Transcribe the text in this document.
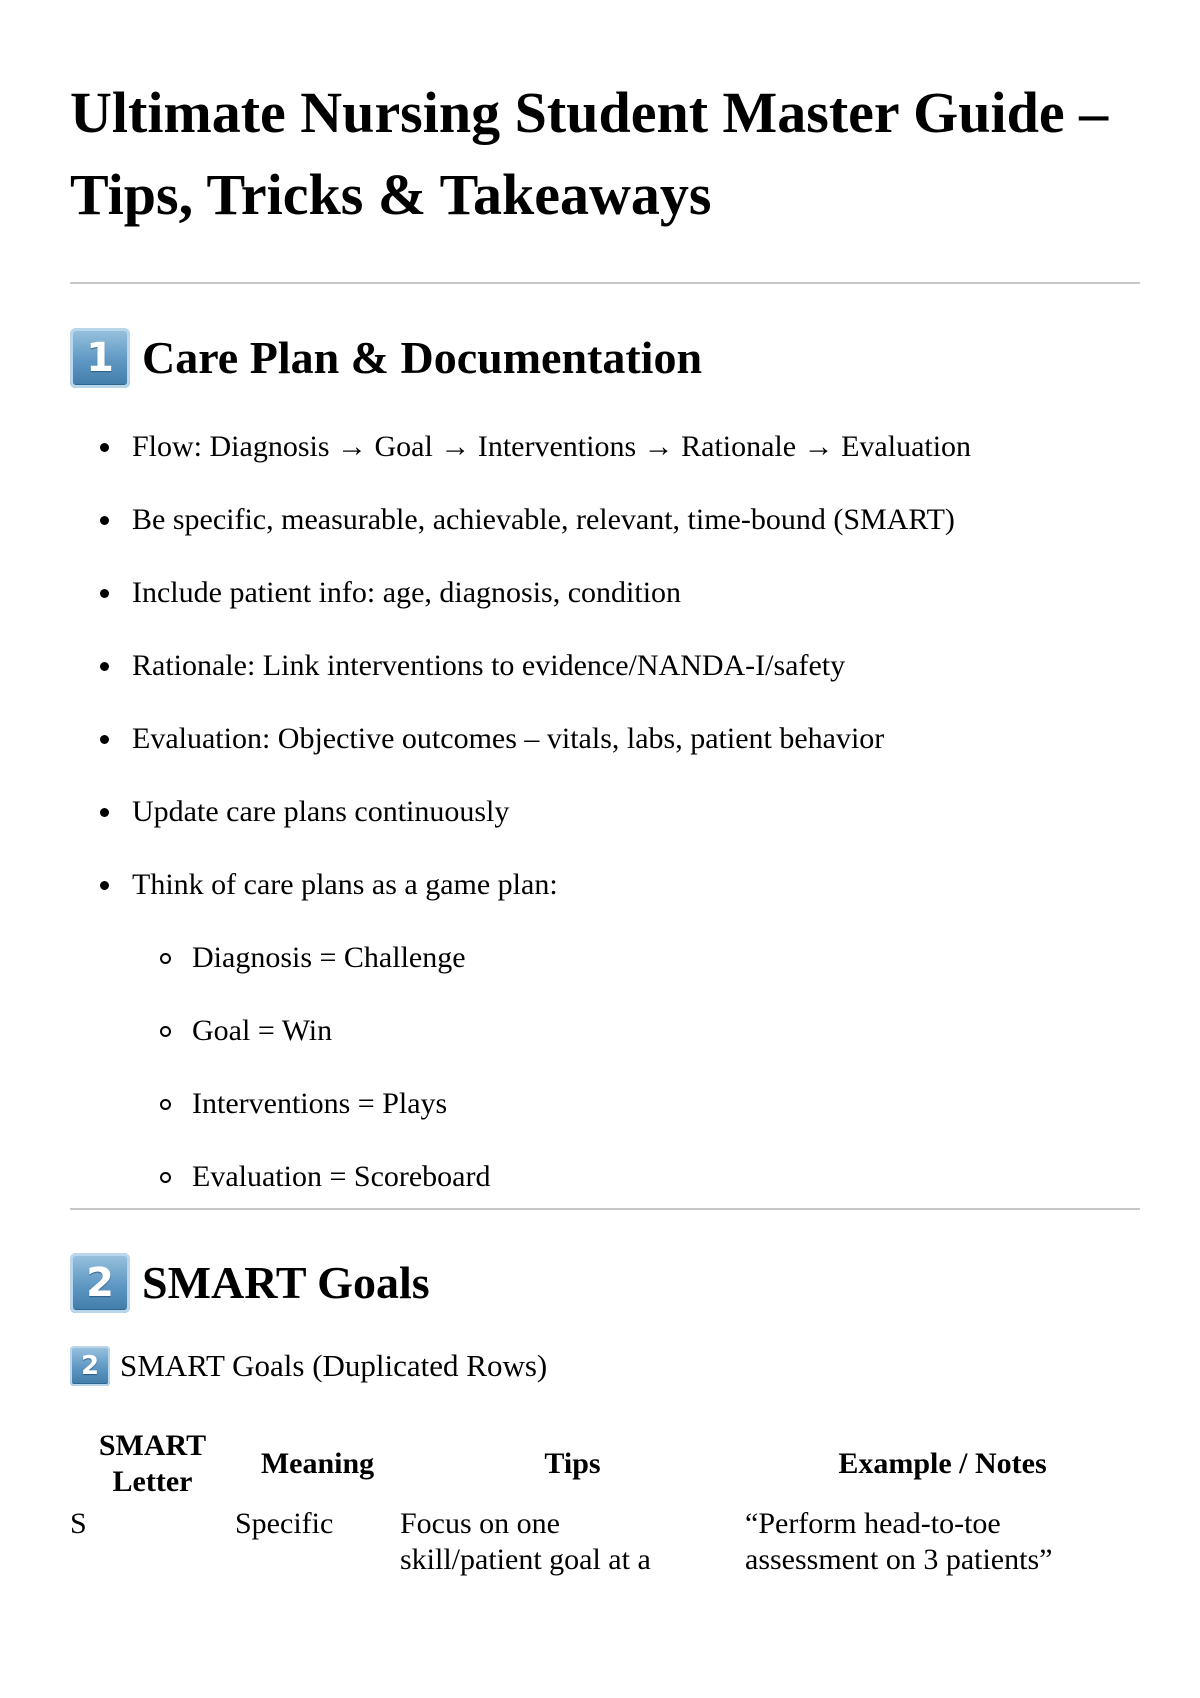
Ultimate Nursing Student Master Guide – Tips, Tricks & Takeaways
1 Care Plan & Documentation
Flow: Diagnosis → Goal → Interventions → Rationale → Evaluation
Be specific, measurable, achievable, relevant, time-bound (SMART)
Include patient info: age, diagnosis, condition
Rationale: Link interventions to evidence/NANDA-I/safety
Evaluation: Objective outcomes – vitals, labs, patient behavior
Update care plans continuously
Think of care plans as a game plan:
Diagnosis = Challenge
Goal = Win
Interventions = Plays
Evaluation = Scoreboard
2 SMART Goals
2 SMART Goals (Duplicated Rows)
SMART Letter	Meaning	Tips	Example / Notes
S	Specific	Focus on one skill/patient goal at a	“Perform head-to-toe assessment on 3 patients”
